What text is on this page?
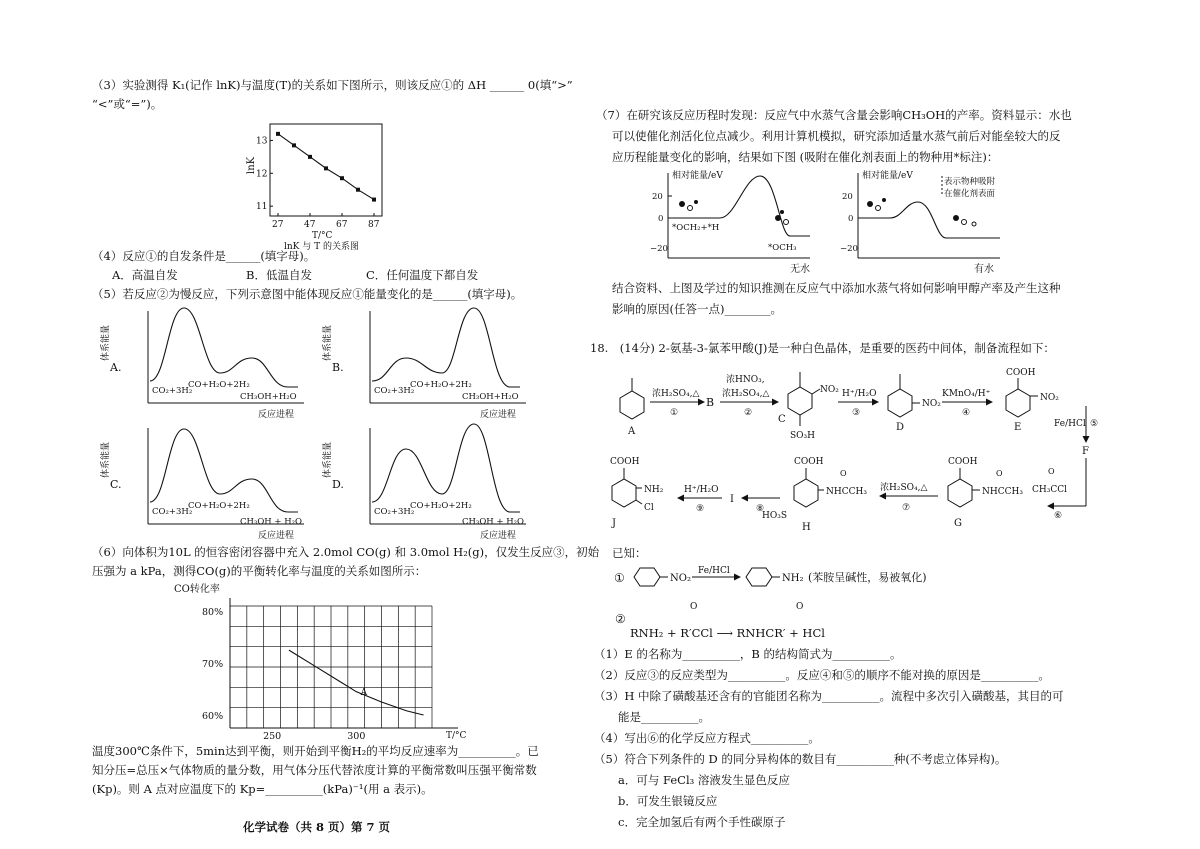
（3）实验测得 K₁(记作 lnK)与温度(T)的关系如下图所示，则该反应①的 ΔH ______ 0(填“>”
“<”或“=”)。
27 47 67 87
11
12
13
lnK
T/°C
lnK 与 T 的关系图
（4）反应①的自发条件是______(填字母)。
A．高温自发	B．低温自发	C．任何温度下都自发
（5）若反应②为慢反应，下列示意图中能体现反应①能量变化的是______(填字母)。
A.
体系能量
反应进程
CO₂+3H₂
CO+H₂O+2H₂
CH₃OH+H₂O
B.
体系能量
反应进程
CO₂+3H₂
CO+H₂O+2H₂
CH₃OH+H₂O
C.
体系能量
反应进程
CO₂+3H₂
CO+H₂O+2H₂
CH₃OH + H₂O
D.
体系能量
反应进程
CO₂+3H₂
CO+H₂O+2H₂
CH₃OH + H₂O
（6）向体积为10L 的恒容密闭容器中充入 2.0mol CO(g) 和 3.0mol H₂(g)，仅发生反应③，初始
压强为 a kPa，测得CO(g)的平衡转化率与温度的关系如图所示：
CO转化率
T/°C
250	300
60%
70%
80%
A
温度300℃条件下，5min达到平衡，则开始到平衡H₂的平均反应速率为__________。已
知分压=总压×气体物质的量分数，用气体分压代替浓度计算的平衡常数叫压强平衡常数
(Kp)。则 A 点对应温度下的 Kp=__________(kPa)⁻¹(用 a 表示)。
化学试卷（共 8 页）第 7 页
（7）在研究该反应历程时发现：反应气中水蒸气含量会影响CH₃OH的产率。资料显示：水也
可以使催化剂活化位点减少。利用计算机模拟，研究添加适量水蒸气前后对能垒较大的反
应历程能量变化的影响，结果如下图 (吸附在催化剂表面上的物种用*标注)：
相对能量/eV
20
0
−20
*OCH₂+*H
*OCH₃
无水
相对能量/eV
20
0
−20
表示物种吸附
在催化剂表面
有水
结合资料、上图及学过的知识推测在反应气中添加水蒸气将如何影响甲醇产率及产生这种
影响的原因(任答一点)________。
18.　(14分) 2-氨基-3-氯苯甲酸(J)是一种白色晶体，是重要的医药中间体，制备流程如下：
A
浓H₂SO₄,△
①
B
浓HNO₃,
浓H₂SO₄,△
②
NO₂
SO₃H
C
H⁺/H₂O
③
NO₂
D
KMnO₄/H⁺
④
COOH
NO₂
E	Fe/HCl ⑤
F
O
CH₃CCl
⑥
COOH
NHCCH₃
O
G
浓H₂SO₄,△
⑦
COOH
NHCCH₃
O
HO₃S
H
⑧
I
H⁺/H₂O
⑨
COOH
NH₂
Cl
J
已知：
①	NO₂
Fe/HCl
NH₂ (苯胺呈碱性，易被氧化)
②
O	O
RNH₂ + R′CCl ⟶ RNHCR′ + HCl
（1）E 的名称为__________，B 的结构简式为__________。
（2）反应③的反应类型为__________。反应④和⑤的顺序不能对换的原因是__________。
（3）H 中除了磺酸基还含有的官能团名称为__________。流程中多次引入磺酸基，其目的可
能是__________。
（4）写出⑥的化学反应方程式__________。
（5）符合下列条件的 D 的同分异构体的数目有__________种(不考虑立体异构)。
a．可与 FeCl₃ 溶液发生显色反应
b．可发生银镜反应
c．完全加氢后有两个手性碳原子
